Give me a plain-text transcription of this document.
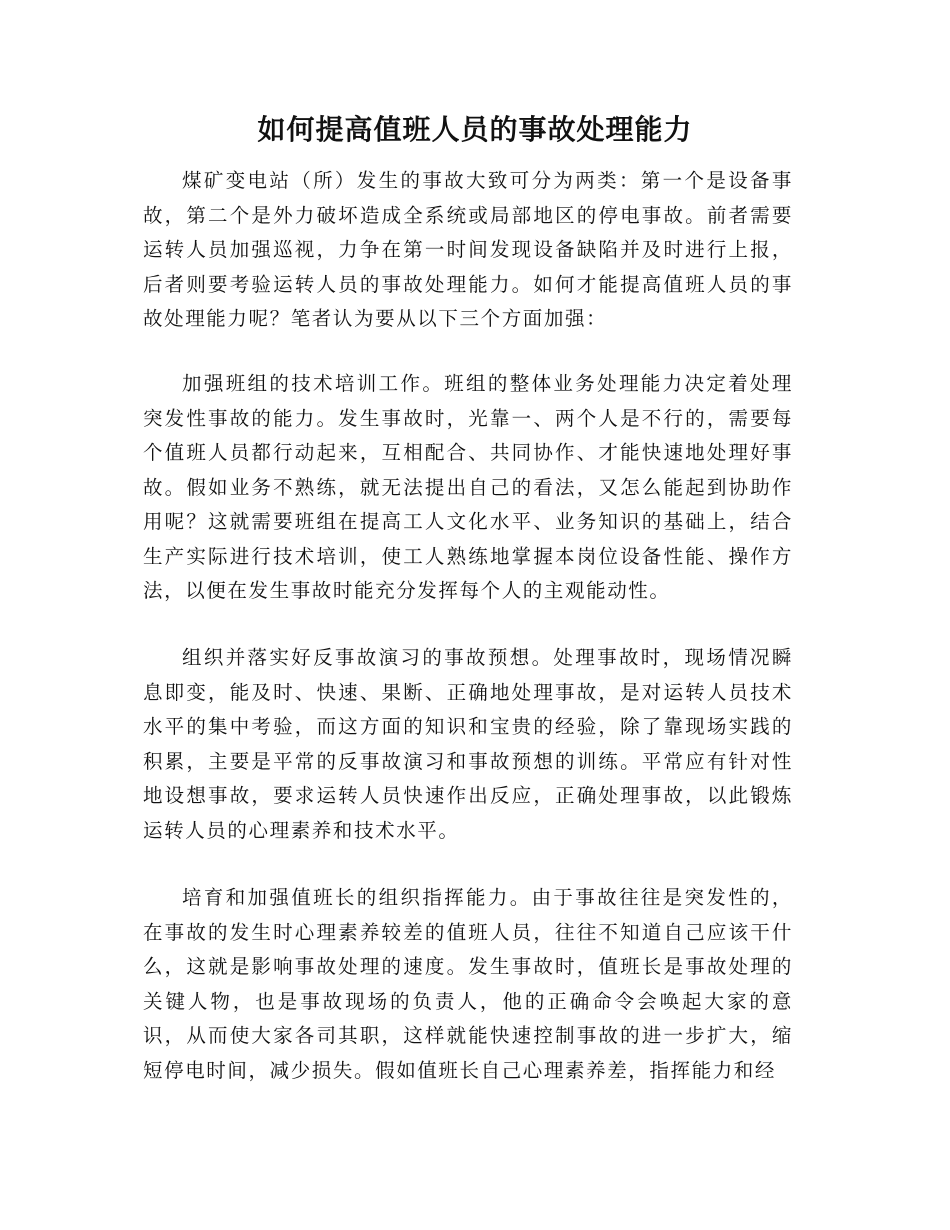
如何提高值班人员的事故处理能力

煤矿变电站（所）发生的事故大致可分为两类：第一个是设备事故，第二个是外力破坏造成全系统或局部地区的停电事故。前者需要运转人员加强巡视，力争在第一时间发现设备缺陷并及时进行上报，后者则要考验运转人员的事故处理能力。如何才能提高值班人员的事故处理能力呢？笔者认为要从以下三个方面加强：

加强班组的技术培训工作。班组的整体业务处理能力决定着处理突发性事故的能力。发生事故时，光靠一、两个人是不行的，需要每个值班人员都行动起来，互相配合、共同协作、才能快速地处理好事故。假如业务不熟练，就无法提出自己的看法，又怎么能起到协助作用呢？这就需要班组在提高工人文化水平、业务知识的基础上，结合生产实际进行技术培训，使工人熟练地掌握本岗位设备性能、操作方法，以便在发生事故时能充分发挥每个人的主观能动性。

组织并落实好反事故演习的事故预想。处理事故时，现场情况瞬息即变，能及时、快速、果断、正确地处理事故，是对运转人员技术水平的集中考验，而这方面的知识和宝贵的经验，除了靠现场实践的积累，主要是平常的反事故演习和事故预想的训练。平常应有针对性地设想事故，要求运转人员快速作出反应，正确处理事故，以此锻炼运转人员的心理素养和技术水平。

培育和加强值班长的组织指挥能力。由于事故往往是突发性的，在事故的发生时心理素养较差的值班人员，往往不知道自己应该干什么，这就是影响事故处理的速度。发生事故时，值班长是事故处理的关键人物，也是事故现场的负责人，他的正确命令会唤起大家的意识，从而使大家各司其职，这样就能快速控制事故的进一步扩大，缩短停电时间，减少损失。假如值班长自己心理素养差，指挥能力和经
